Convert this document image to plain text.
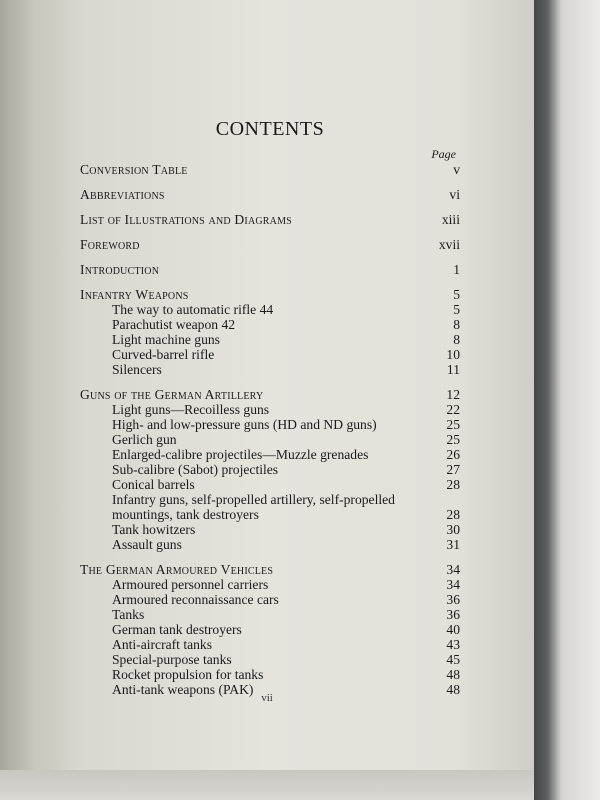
CONTENTS
Page
Conversion Table	v
Abbreviations	vi
List of Illustrations and Diagrams	xiii
Foreword	xvii
Introduction	1
Infantry Weapons	5
The way to automatic rifle 44	5
Parachutist weapon 42	8
Light machine guns	8
Curved-barrel rifle	10
Silencers	11
Guns of the German Artillery	12
Light guns—Recoilless guns	22
High- and low-pressure guns (HD and ND guns)	25
Gerlich gun	25
Enlarged-calibre projectiles—Muzzle grenades	26
Sub-calibre (Sabot) projectiles	27
Conical barrels	28
Infantry guns, self-propelled artillery, self-propelled mountings, tank destroyers	28
Tank howitzers	30
Assault guns	31
The German Armoured Vehicles	34
Armoured personnel carriers	34
Armoured reconnaissance cars	36
Tanks	36
German tank destroyers	40
Anti-aircraft tanks	43
Special-purpose tanks	45
Rocket propulsion for tanks	48
Anti-tank weapons (PAK)	48
vii
